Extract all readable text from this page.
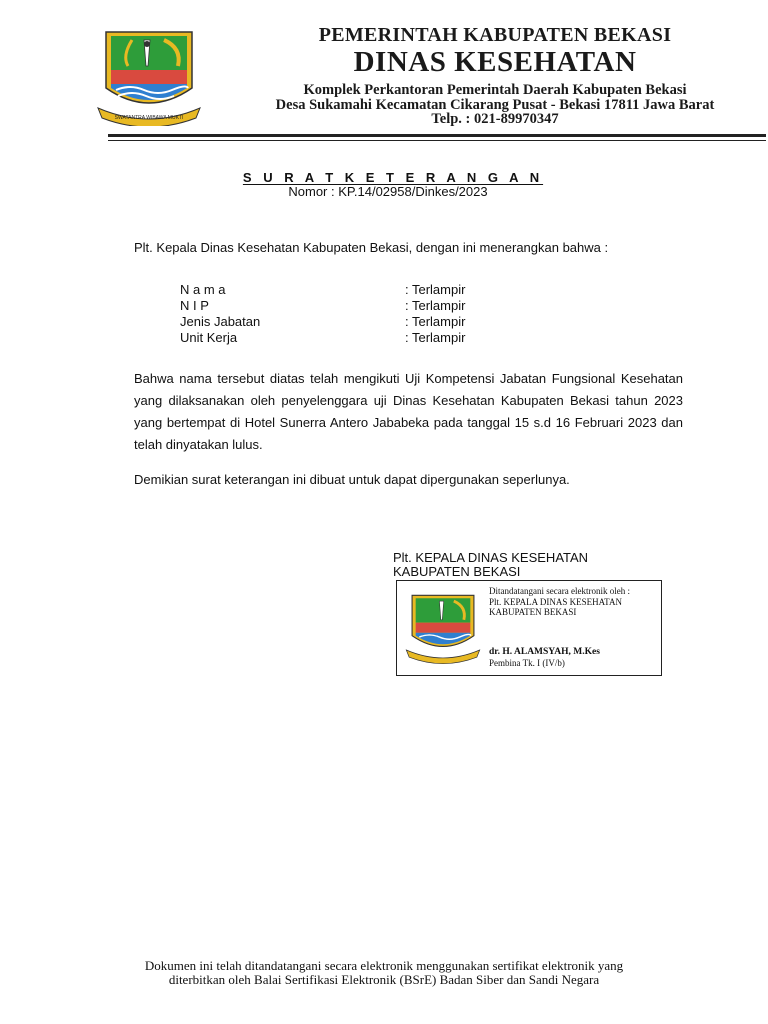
SWATANTRA WIBAWA MUKTI
PEMERINTAH KABUPATEN BEKASI
DINAS KESEHATAN
Komplek Perkantoran Pemerintah Daerah Kabupaten Bekasi
Desa Sukamahi Kecamatan Cikarang Pusat - Bekasi 17811 Jawa Barat
Telp. : 021-89970347
S U R A T K E T E R A N G A N
Nomor : KP.14/02958/Dinkes/2023
Plt. Kepala Dinas Kesehatan Kabupaten Bekasi, dengan ini menerangkan bahwa :
N a m a	: Terlampir
N I P	: Terlampir
Jenis Jabatan	: Terlampir
Unit Kerja	: Terlampir
Bahwa nama tersebut diatas telah mengikuti Uji Kompetensi Jabatan Fungsional Kesehatan yang dilaksanakan oleh penyelenggara uji Dinas Kesehatan Kabupaten Bekasi tahun 2023 yang bertempat di Hotel Sunerra Antero Jababeka pada tanggal 15 s.d 16 Februari 2023 dan telah dinyatakan lulus.
Demikian surat keterangan ini dibuat untuk dapat dipergunakan seperlunya.
Plt. KEPALA DINAS KESEHATAN
KABUPATEN BEKASI
Ditandatangani secara elektronik oleh :
Plt. KEPALA DINAS KESEHATAN
KABUPATEN BEKASI
dr. H. ALAMSYAH, M.Kes
Pembina Tk. I (IV/b)
Dokumen ini telah ditandatangani secara elektronik menggunakan sertifikat elektronik yang
diterbitkan oleh Balai Sertifikasi Elektronik (BSrE) Badan Siber dan Sandi Negara
